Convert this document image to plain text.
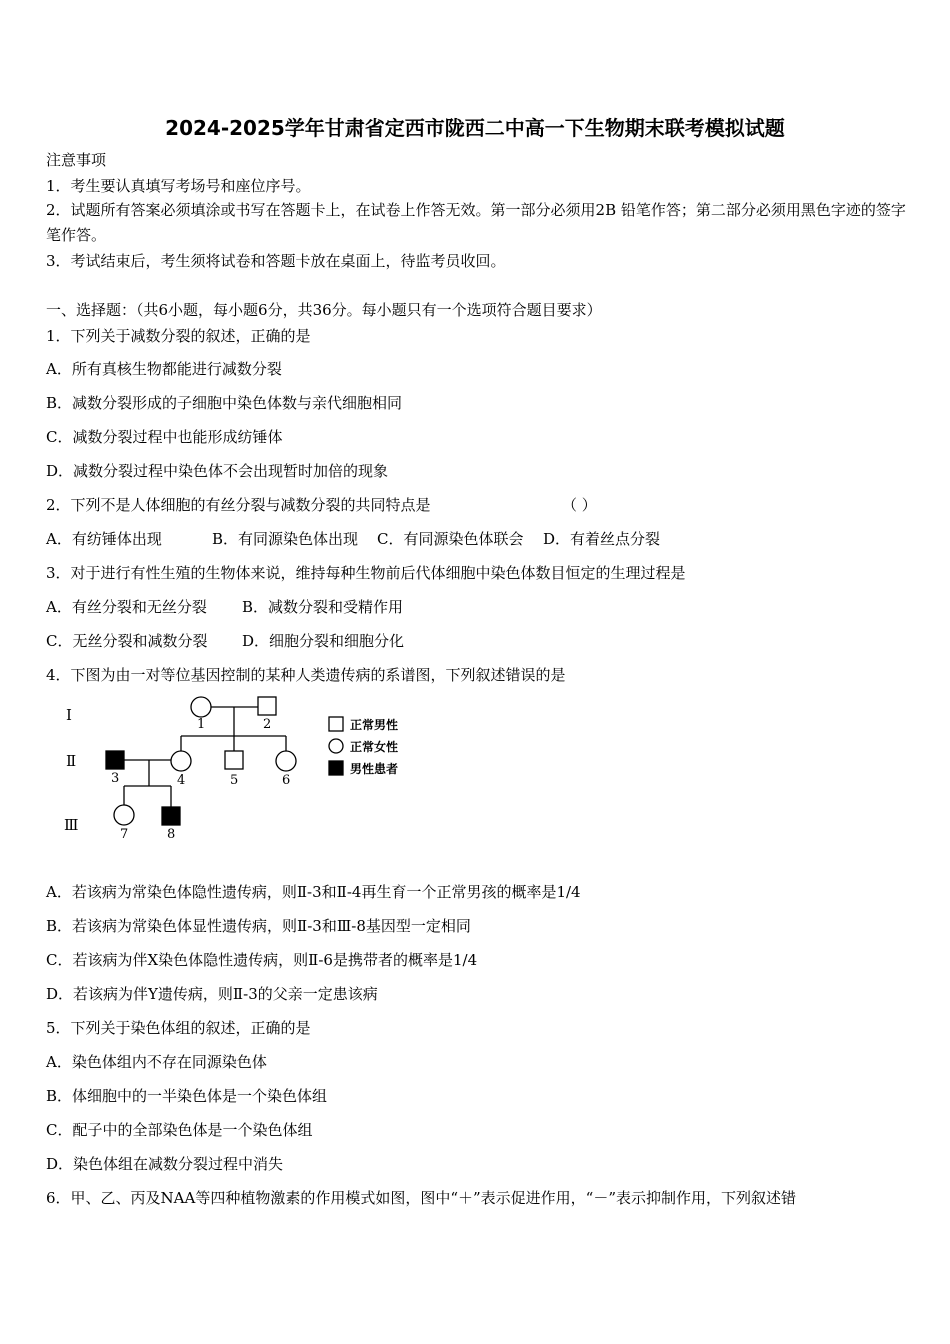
2024-2025学年甘肃省定西市陇西二中高一下生物期末联考模拟试题
注意事项
1．考生要认真填写考场号和座位序号。
2．试题所有答案必须填涂或书写在答题卡上，在试卷上作答无效。第一部分必须用2B 铅笔作答；第二部分必须用黑色字迹的签字笔作答。
3．考试结束后，考生须将试卷和答题卡放在桌面上，待监考员收回。
一、选择题：（共6小题，每小题6分，共36分。每小题只有一个选项符合题目要求）
1．下列关于减数分裂的叙述，正确的是
A．所有真核生物都能进行减数分裂
B．减数分裂形成的子细胞中染色体数与亲代细胞相同
C．减数分裂过程中也能形成纺锤体
D．减数分裂过程中染色体不会出现暂时加倍的现象
2．下列不是人体细胞的有丝分裂与减数分裂的共同特点是	（ ）
A．有纺锤体出现	B．有同源染色体出现 C．有同源染色体联会 D．有着丝点分裂
3．对于进行有性生殖的生物体来说，维持每种生物前后代体细胞中染色体数目恒定的生理过程是
A．有丝分裂和无丝分裂 B．减数分裂和受精作用
C．无丝分裂和减数分裂 D．细胞分裂和细胞分化
4．下图为由一对等位基因控制的某种人类遗传病的系谱图，下列叙述错误的是
Ⅰ
Ⅱ
Ⅲ
1	2
3	4	5	6
7	8
正常男性
正常女性
男性患者
A．若该病为常染色体隐性遗传病，则Ⅱ-3和Ⅱ-4再生育一个正常男孩的概率是1/4
B．若该病为常染色体显性遗传病，则Ⅱ-3和Ⅲ-8基因型一定相同
C．若该病为伴X染色体隐性遗传病，则Ⅱ-6是携带者的概率是1/4
D．若该病为伴Y遗传病，则Ⅱ-3的父亲一定患该病
5．下列关于染色体组的叙述，正确的是
A．染色体组内不存在同源染色体
B．体细胞中的一半染色体是一个染色体组
C．配子中的全部染色体是一个染色体组
D．染色体组在减数分裂过程中消失
6．甲、乙、丙及NAA等四种植物激素的作用模式如图，图中“＋”表示促进作用，“－”表示抑制作用，下列叙述错
